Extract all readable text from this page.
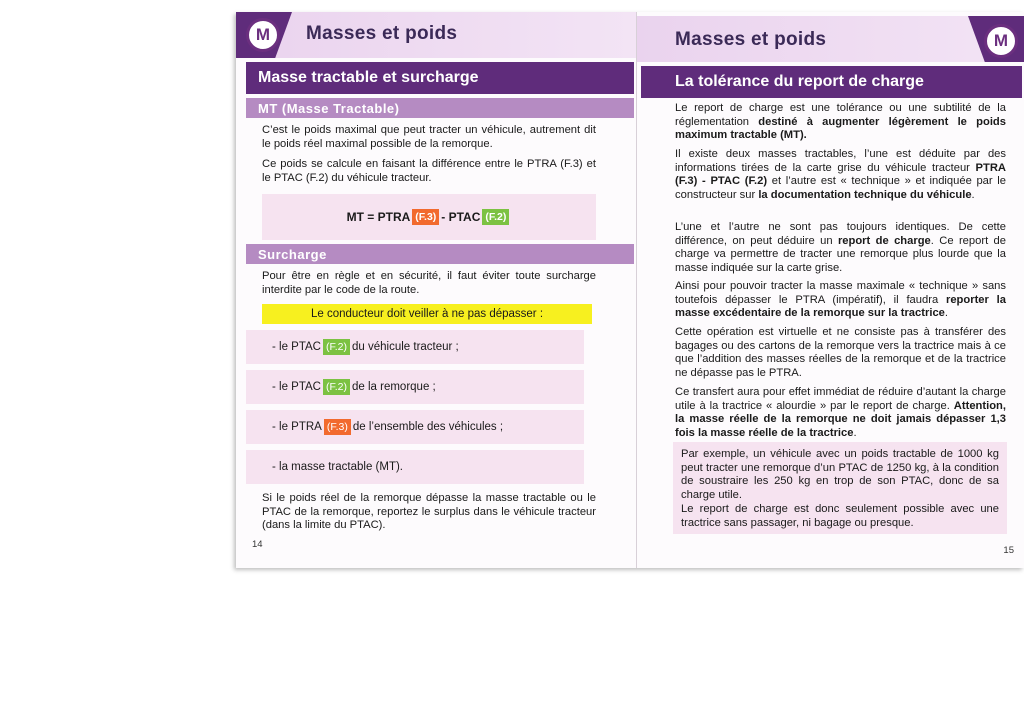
M Masses et poids
Masse tractable et surcharge
MT (Masse Tractable)
C’est le poids maximal que peut tracter un véhicule, autrement dit le poids réel maximal possible de la remorque.
Ce poids se calcule en faisant la différence entre le PTRA (F.3) et le PTAC (F.2) du véhicule tracteur.
MT = PTRA (F.3) - PTAC (F.2)
Surcharge
Pour être en règle et en sécurité, il faut éviter toute surcharge interdite par le code de la route.
Le conducteur doit veiller à ne pas dépasser :
- le PTAC (F.2) du véhicule tracteur ;
- le PTAC (F.2) de la remorque ;
- le PTRA (F.3) de l’ensemble des véhicules ;
- la masse tractable (MT).
Si le poids réel de la remorque dépasse la masse tractable ou le PTAC de la remorque, reportez le surplus dans le véhicule tracteur (dans la limite du PTAC).
14
M
Masses et poids
La tolérance du report de charge
Le report de charge est une tolérance ou une subtilité de la réglementation destiné à augmenter légèrement le poids maximum tractable (MT).
Il existe deux masses tractables, l’une est déduite par des informations tirées de la carte grise du véhicule tracteur PTRA (F.3) - PTAC (F.2) et l’autre est « technique » et indiquée par le constructeur sur la documentation technique du véhicule.
L’une et l’autre ne sont pas toujours identiques. De cette différence, on peut déduire un report de charge. Ce report de charge va permettre de tracter une remorque plus lourde que la masse indiquée sur la carte grise.
Ainsi pour pouvoir tracter la masse maximale « technique » sans toutefois dépasser le PTRA (impératif), il faudra reporter la masse excédentaire de la remorque sur la tractrice.
Cette opération est virtuelle et ne consiste pas à transférer des bagages ou des cartons de la remorque vers la tractrice mais à ce que l’addition des masses réelles de la remorque et de la tractrice ne dépasse pas le PTRA.
Ce transfert aura pour effet immédiat de réduire d’autant la charge utile à la tractrice « alourdie » par le report de charge. Attention, la masse réelle de la remorque ne doit jamais dépasser 1,3 fois la masse réelle de la tractrice.
Par exemple, un véhicule avec un poids tractable de 1000 kg peut tracter une remorque d’un PTAC de 1250 kg, à la condition de soustraire les 250 kg en trop de son PTAC, donc de sa charge utile.
Le report de charge est donc seulement possible avec une tractrice sans passager, ni bagage ou presque.
15
